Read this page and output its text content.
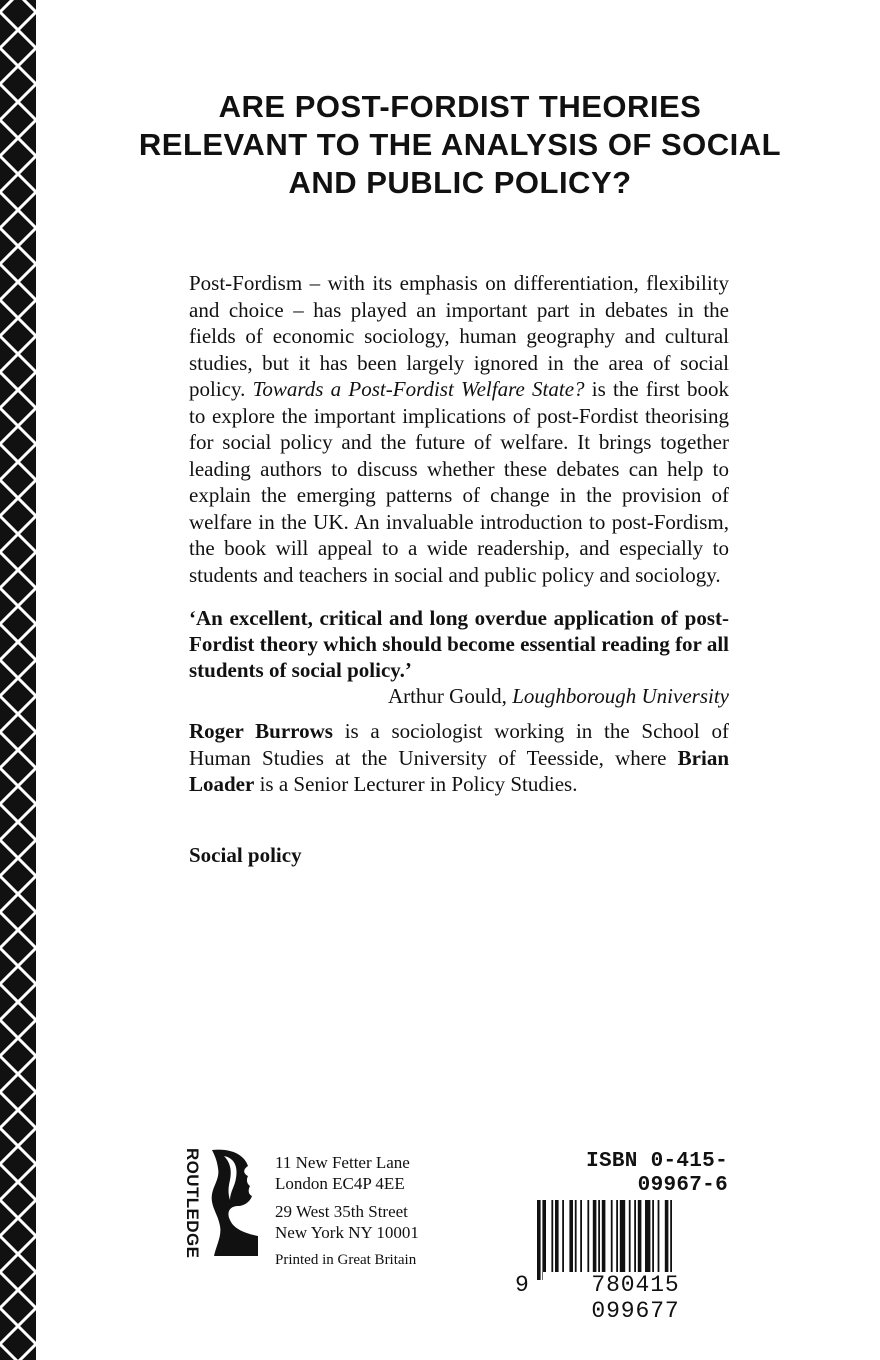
ARE POST-FORDIST THEORIES RELEVANT TO THE ANALYSIS OF SOCIAL AND PUBLIC POLICY?

Post-Fordism – with its emphasis on differentiation, flexibility and choice – has played an important part in debates in the fields of economic sociology, human geography and cultural studies, but it has been largely ignored in the area of social policy. Towards a Post-Fordist Welfare State? is the first book to explore the important implications of post-Fordist theorising for social policy and the future of welfare. It brings together leading authors to discuss whether these debates can help to explain the emerging patterns of change in the provision of welfare in the UK. An invaluable introduction to post-Fordism, the book will appeal to a wide readership, and especially to students and teachers in social and public policy and sociology.

‘An excellent, critical and long overdue application of post-Fordist theory which should become essential reading for all students of social policy.’

Arthur Gould, Loughborough University

Roger Burrows is a sociologist working in the School of Human Studies at the University of Teesside, where Brian Loader is a Senior Lecturer in Policy Studies.

Social policy
ROUTLEDGE	11 New Fetter Lane
London EC4P 4EE
29 West 35th Street
New York NY 10001
Printed in Great Britain
ISBN 0-415-09967-6
9	780415 099677
